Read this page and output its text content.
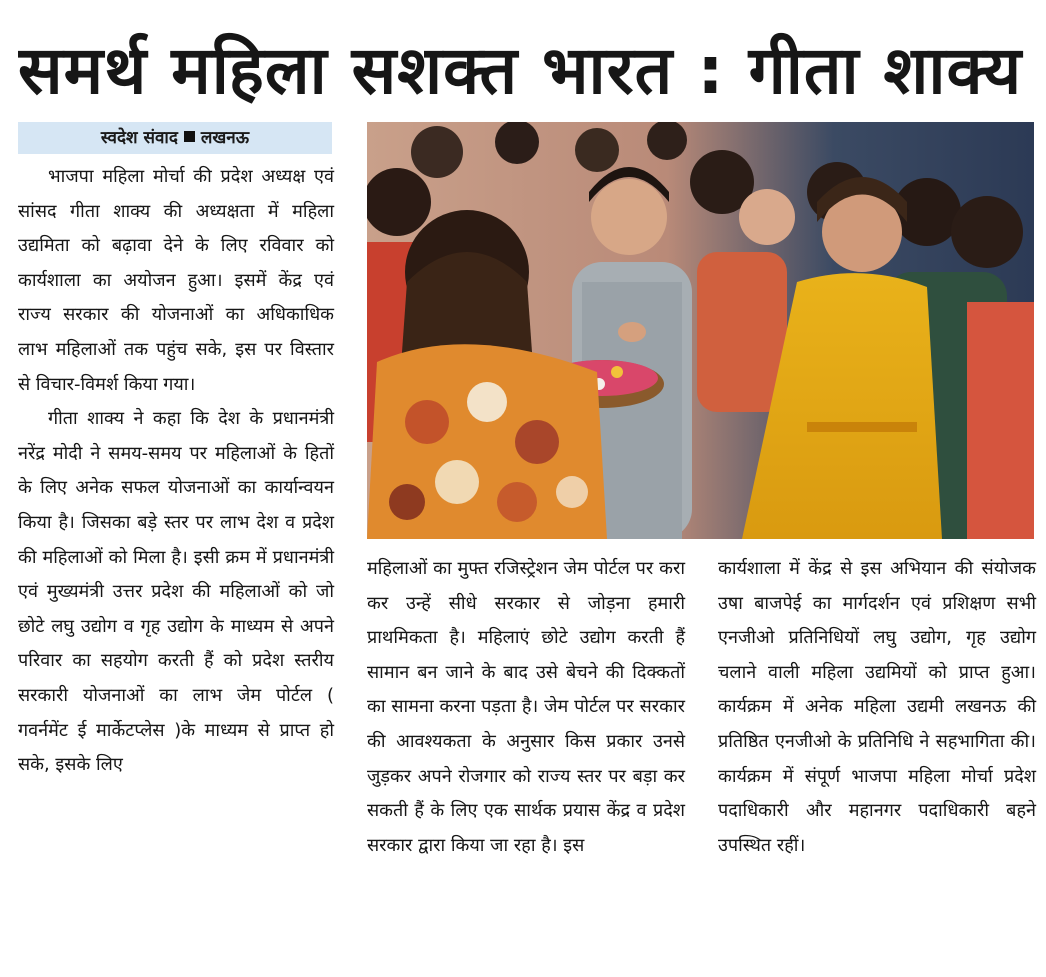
समर्थ महिला सशक्त भारत : गीता शाक्य
स्वदेश संवाद लखनऊ

भाजपा महिला मोर्चा की प्रदेश अध्यक्ष एवं सांसद गीता शाक्य की अध्यक्षता में महिला उद्यमिता को बढ़ावा देने के लिए रविवार को कार्यशाला का अयोजन हुआ। इसमें केंद्र एवं राज्य सरकार की योजनाओं का अधिकाधिक लाभ महिलाओं तक पहुंच सके, इस पर विस्तार से विचार-विमर्श किया गया।

गीता शाक्य ने कहा कि देश के प्रधानमंत्री नरेंद्र मोदी ने समय-समय पर महिलाओं के हितों के लिए अनेक सफल योजनाओं का कार्यान्वयन किया है। जिसका बड़े स्तर पर लाभ देश व प्रदेश की महिलाओं को मिला है। इसी क्रम में प्रधानमंत्री एवं मुख्यमंत्री उत्तर प्रदेश की महिलाओं को जो छोटे लघु उद्योग व गृह उद्योग के माध्यम से अपने परिवार का सहयोग करती हैं को प्रदेश स्तरीय सरकारी योजनाओं का लाभ जेम पोर्टल ( गवर्नमेंट ई मार्केटप्लेस )के माध्यम से प्राप्त हो सके, इसके लिए

महिलाओं का मुफ्त रजिस्ट्रेशन जेम पोर्टल पर करा कर उन्हें सीधे सरकार से जोड़ना हमारी प्राथमिकता है। महिलाएं छोटे उद्योग करती हैं सामान बन जाने के बाद उसे बेचने की दिक्कतों का सामना करना पड़ता है। जेम पोर्टल पर सरकार की आवश्यकता के अनुसार किस प्रकार उनसे जुड़कर अपने रोजगार को राज्य स्तर पर बड़ा कर सकती हैं के लिए एक सार्थक प्रयास केंद्र व प्रदेश सरकार द्वारा किया जा रहा है। इस

कार्यशाला में केंद्र से इस अभियान की संयोजक उषा बाजपेई का मार्गदर्शन एवं प्रशिक्षण सभी एनजीओ प्रतिनिधियों लघु उद्योग, गृह उद्योग चलाने वाली महिला उद्यमियों को प्राप्त हुआ। कार्यक्रम में अनेक महिला उद्यमी लखनऊ की प्रतिष्ठित एनजीओ के प्रतिनिधि ने सहभागिता की। कार्यक्रम में संपूर्ण भाजपा महिला मोर्चा प्रदेश पदाधिकारी और महानगर पदाधिकारी बहने उपस्थित रहीं।
